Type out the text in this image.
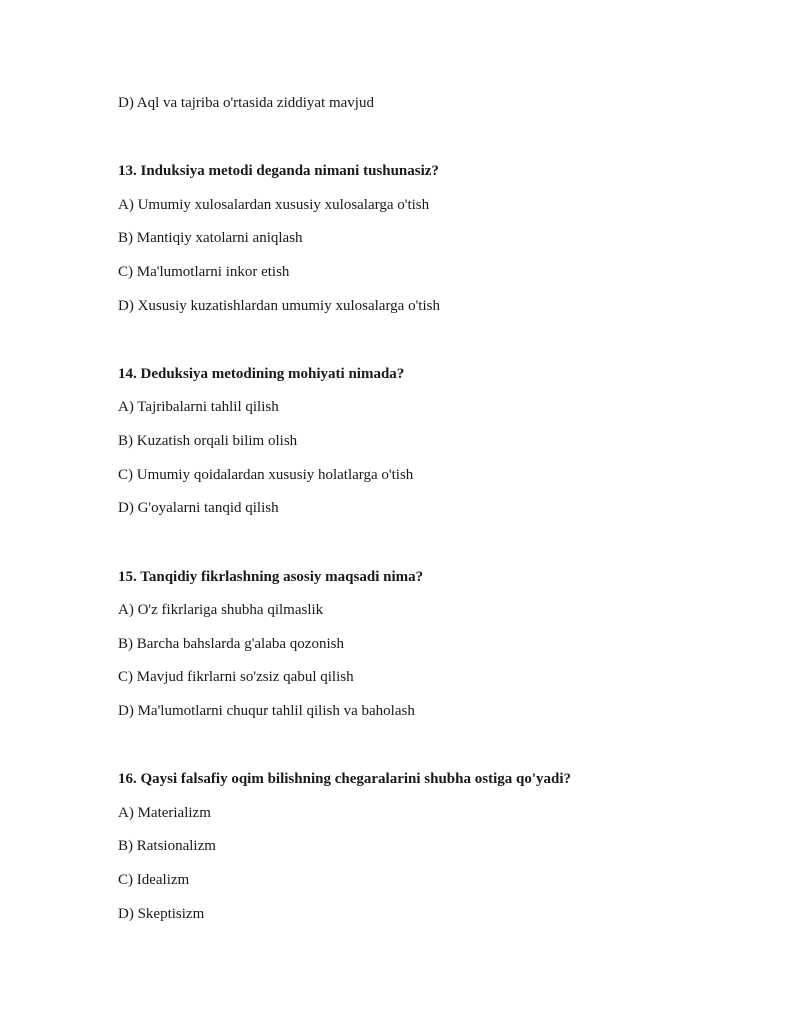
D) Aql va tajriba o'rtasida ziddiyat mavjud
13. Induksiya metodi deganda nimani tushunasiz?
A) Umumiy xulosalardan xususiy xulosalarga o'tish
B) Mantiqiy xatolarni aniqlash
C) Ma'lumotlarni inkor etish
D) Xususiy kuzatishlardan umumiy xulosalarga o'tish
14. Deduksiya metodining mohiyati nimada?
A) Tajribalarni tahlil qilish
B) Kuzatish orqali bilim olish
C) Umumiy qoidalardan xususiy holatlarga o'tish
D) G'oyalarni tanqid qilish
15. Tanqidiy fikrlashning asosiy maqsadi nima?
A) O'z fikrlariga shubha qilmaslik
B) Barcha bahslarda g'alaba qozonish
C) Mavjud fikrlarni so'zsiz qabul qilish
D) Ma'lumotlarni chuqur tahlil qilish va baholash
16. Qaysi falsafiy oqim bilishning chegaralarini shubha ostiga qo'yadi?
A) Materializm
B) Ratsionalizm
C) Idealizm
D) Skeptisizm
